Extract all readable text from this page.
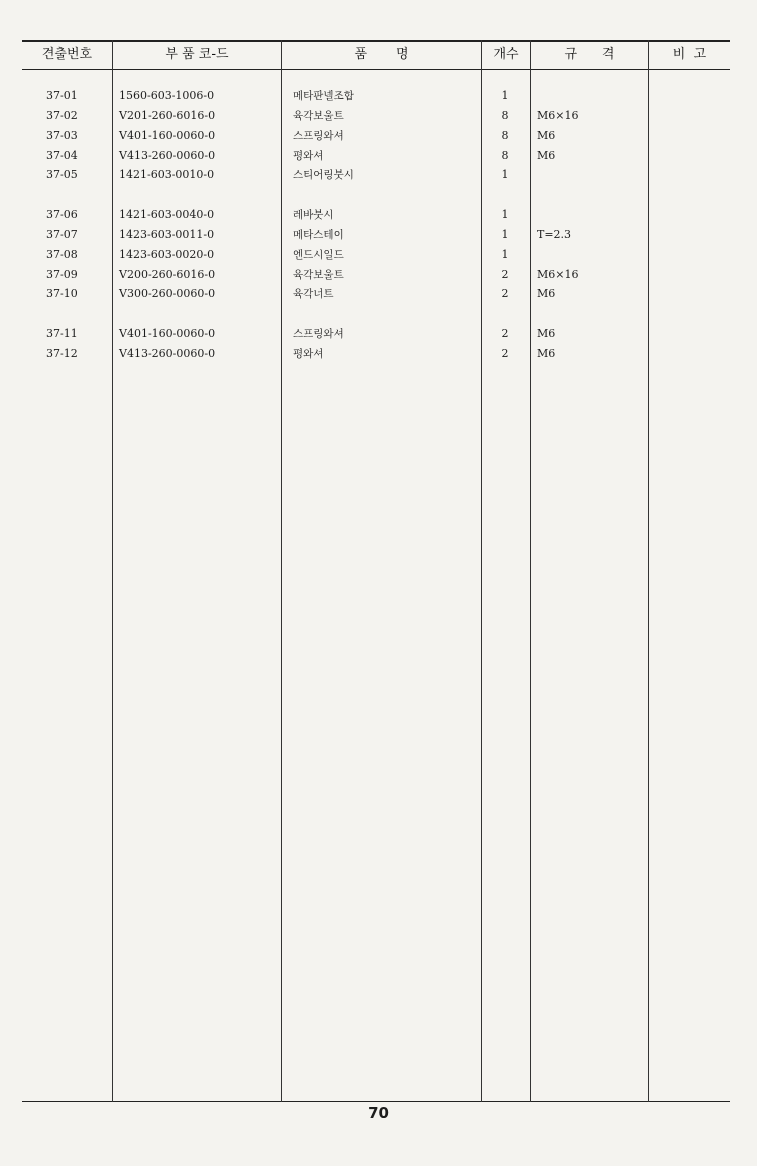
견출번호	부 품 코-드	품       명	개수	규      격	비  고
37-01	1560-603-1006-0	메타판넬조합	1
37-02	V201-260-6016-0	육각보울트	8	M6×16
37-03	V401-160-0060-0	스프링와셔	8	M6
37-04	V413-260-0060-0	평와셔	8	M6
37-05	1421-603-0010-0	스티어링붓시	1
37-06	1421-603-0040-0	레바붓시	1
37-07	1423-603-0011-0	메타스테이	1	T=2.3
37-08	1423-603-0020-0	엔드시일드	1
37-09	V200-260-6016-0	육각보울트	2	M6×16
37-10	V300-260-0060-0	육각너트	2	M6
37-11	V401-160-0060-0	스프링와셔	2	M6
37-12	V413-260-0060-0	평와셔	2	M6
70
